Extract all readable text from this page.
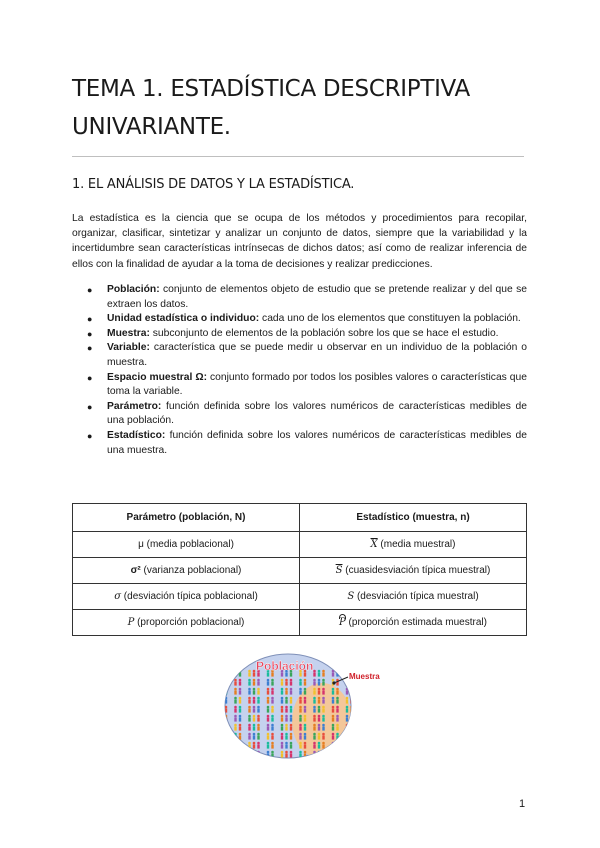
TEMA 1. ESTADÍSTICA DESCRIPTIVA UNIVARIANTE.
1. EL ANÁLISIS DE DATOS Y LA ESTADÍSTICA.

La estadística es la ciencia que se ocupa de los métodos y procedimientos para recopilar, organizar, clasificar, sintetizar y analizar un conjunto de datos, siempre que la variabilidad y la incertidumbre sean características intrínsecas de dichos datos; así como de realizar inferencia de ellos con la finalidad de ayudar a la toma de decisiones y realizar predicciones.

● Población: conjunto de elementos objeto de estudio que se pretende realizar y del que se extraen los datos.
● Unidad estadística o individuo: cada uno de los elementos que constituyen la población.
● Muestra: subconjunto de elementos de la población sobre los que se hace el estudio.
● Variable: característica que se puede medir u observar en un individuo de la población o muestra.
● Espacio muestral Ω: conjunto formado por todos los posibles valores o características que toma la variable.
● Parámetro: función definida sobre los valores numéricos de características medibles de una población.
● Estadístico: función definida sobre los valores numéricos de características medibles de una muestra.
Parámetro (población, N)	Estadístico (muestra, n)
μ (media poblacional)	$\overline{X}$ (media muestral)
σ² (varianza poblacional)	$\overline{S}$ (cuasidesviación típica muestral)
σ (desviación típica poblacional)	S (desviación típica muestral)
P (proporción poblacional)	P (proporción estimada muestral)
Población
Muestra
1
